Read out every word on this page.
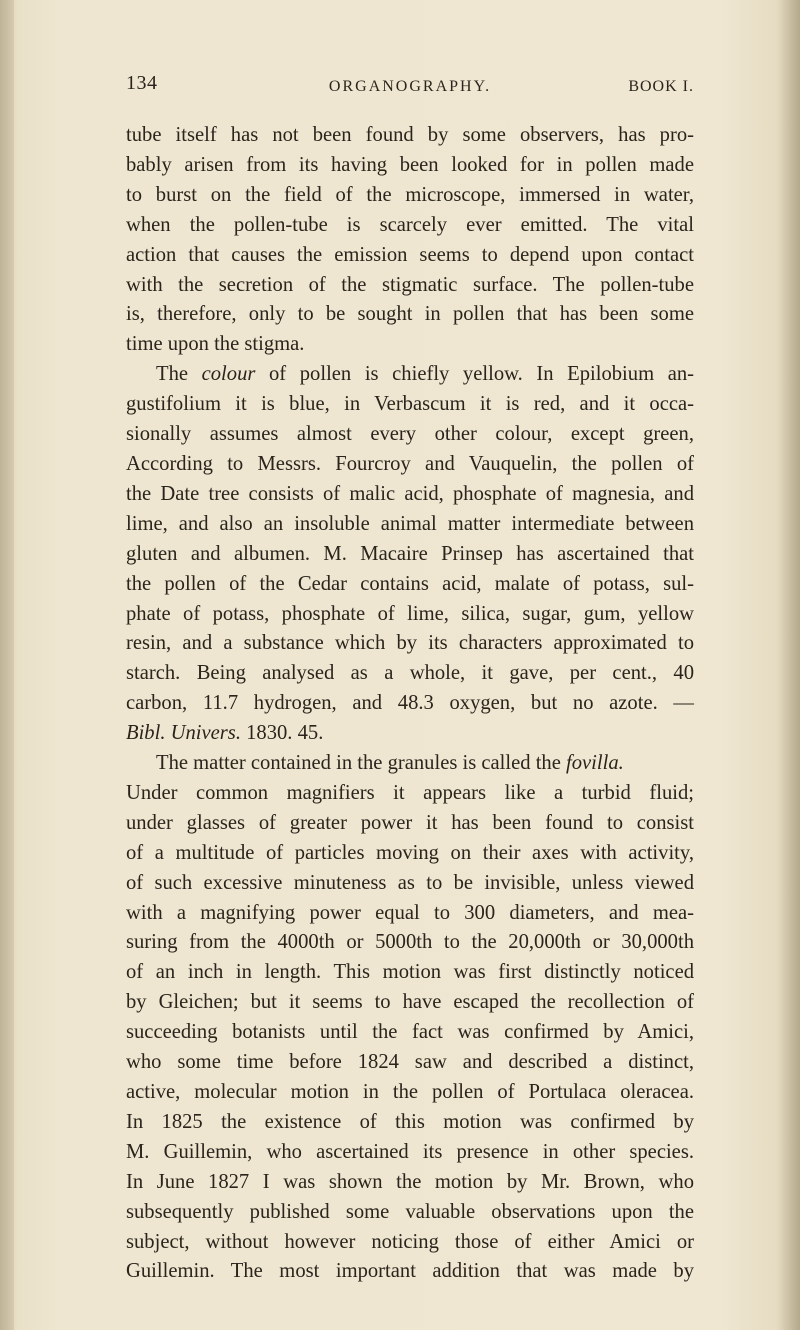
134	ORGANOGRAPHY.	BOOK I.
tube itself has not been found by some observers, has pro-
bably arisen from its having been looked for in pollen made
to burst on the field of the microscope, immersed in water,
when the pollen-tube is scarcely ever emitted. The vital
action that causes the emission seems to depend upon contact
with the secretion of the stigmatic surface. The pollen-tube
is, therefore, only to be sought in pollen that has been some
time upon the stigma.
The colour of pollen is chiefly yellow. In Epilobium an-
gustifolium it is blue, in Verbascum it is red, and it occa-
sionally assumes almost every other colour, except green,
According to Messrs. Fourcroy and Vauquelin, the pollen of
the Date tree consists of malic acid, phosphate of magnesia, and
lime, and also an insoluble animal matter intermediate between
gluten and albumen. M. Macaire Prinsep has ascertained that
the pollen of the Cedar contains acid, malate of potass, sul-
phate of potass, phosphate of lime, silica, sugar, gum, yellow
resin, and a substance which by its characters approximated to
starch. Being analysed as a whole, it gave, per cent., 40
carbon, 11.7 hydrogen, and 48.3 oxygen, but no azote. —
Bibl. Univers. 1830. 45.
The matter contained in the granules is called the fovilla.
Under common magnifiers it appears like a turbid fluid;
under glasses of greater power it has been found to consist
of a multitude of particles moving on their axes with activity,
of such excessive minuteness as to be invisible, unless viewed
with a magnifying power equal to 300 diameters, and mea-
suring from the 4000th or 5000th to the 20,000th or 30,000th
of an inch in length. This motion was first distinctly noticed
by Gleichen; but it seems to have escaped the recollection of
succeeding botanists until the fact was confirmed by Amici,
who some time before 1824 saw and described a distinct,
active, molecular motion in the pollen of Portulaca oleracea.
In 1825 the existence of this motion was confirmed by
M. Guillemin, who ascertained its presence in other species.
In June 1827 I was shown the motion by Mr. Brown, who
subsequently published some valuable observations upon the
subject, without however noticing those of either Amici or
Guillemin. The most important addition that was made by
